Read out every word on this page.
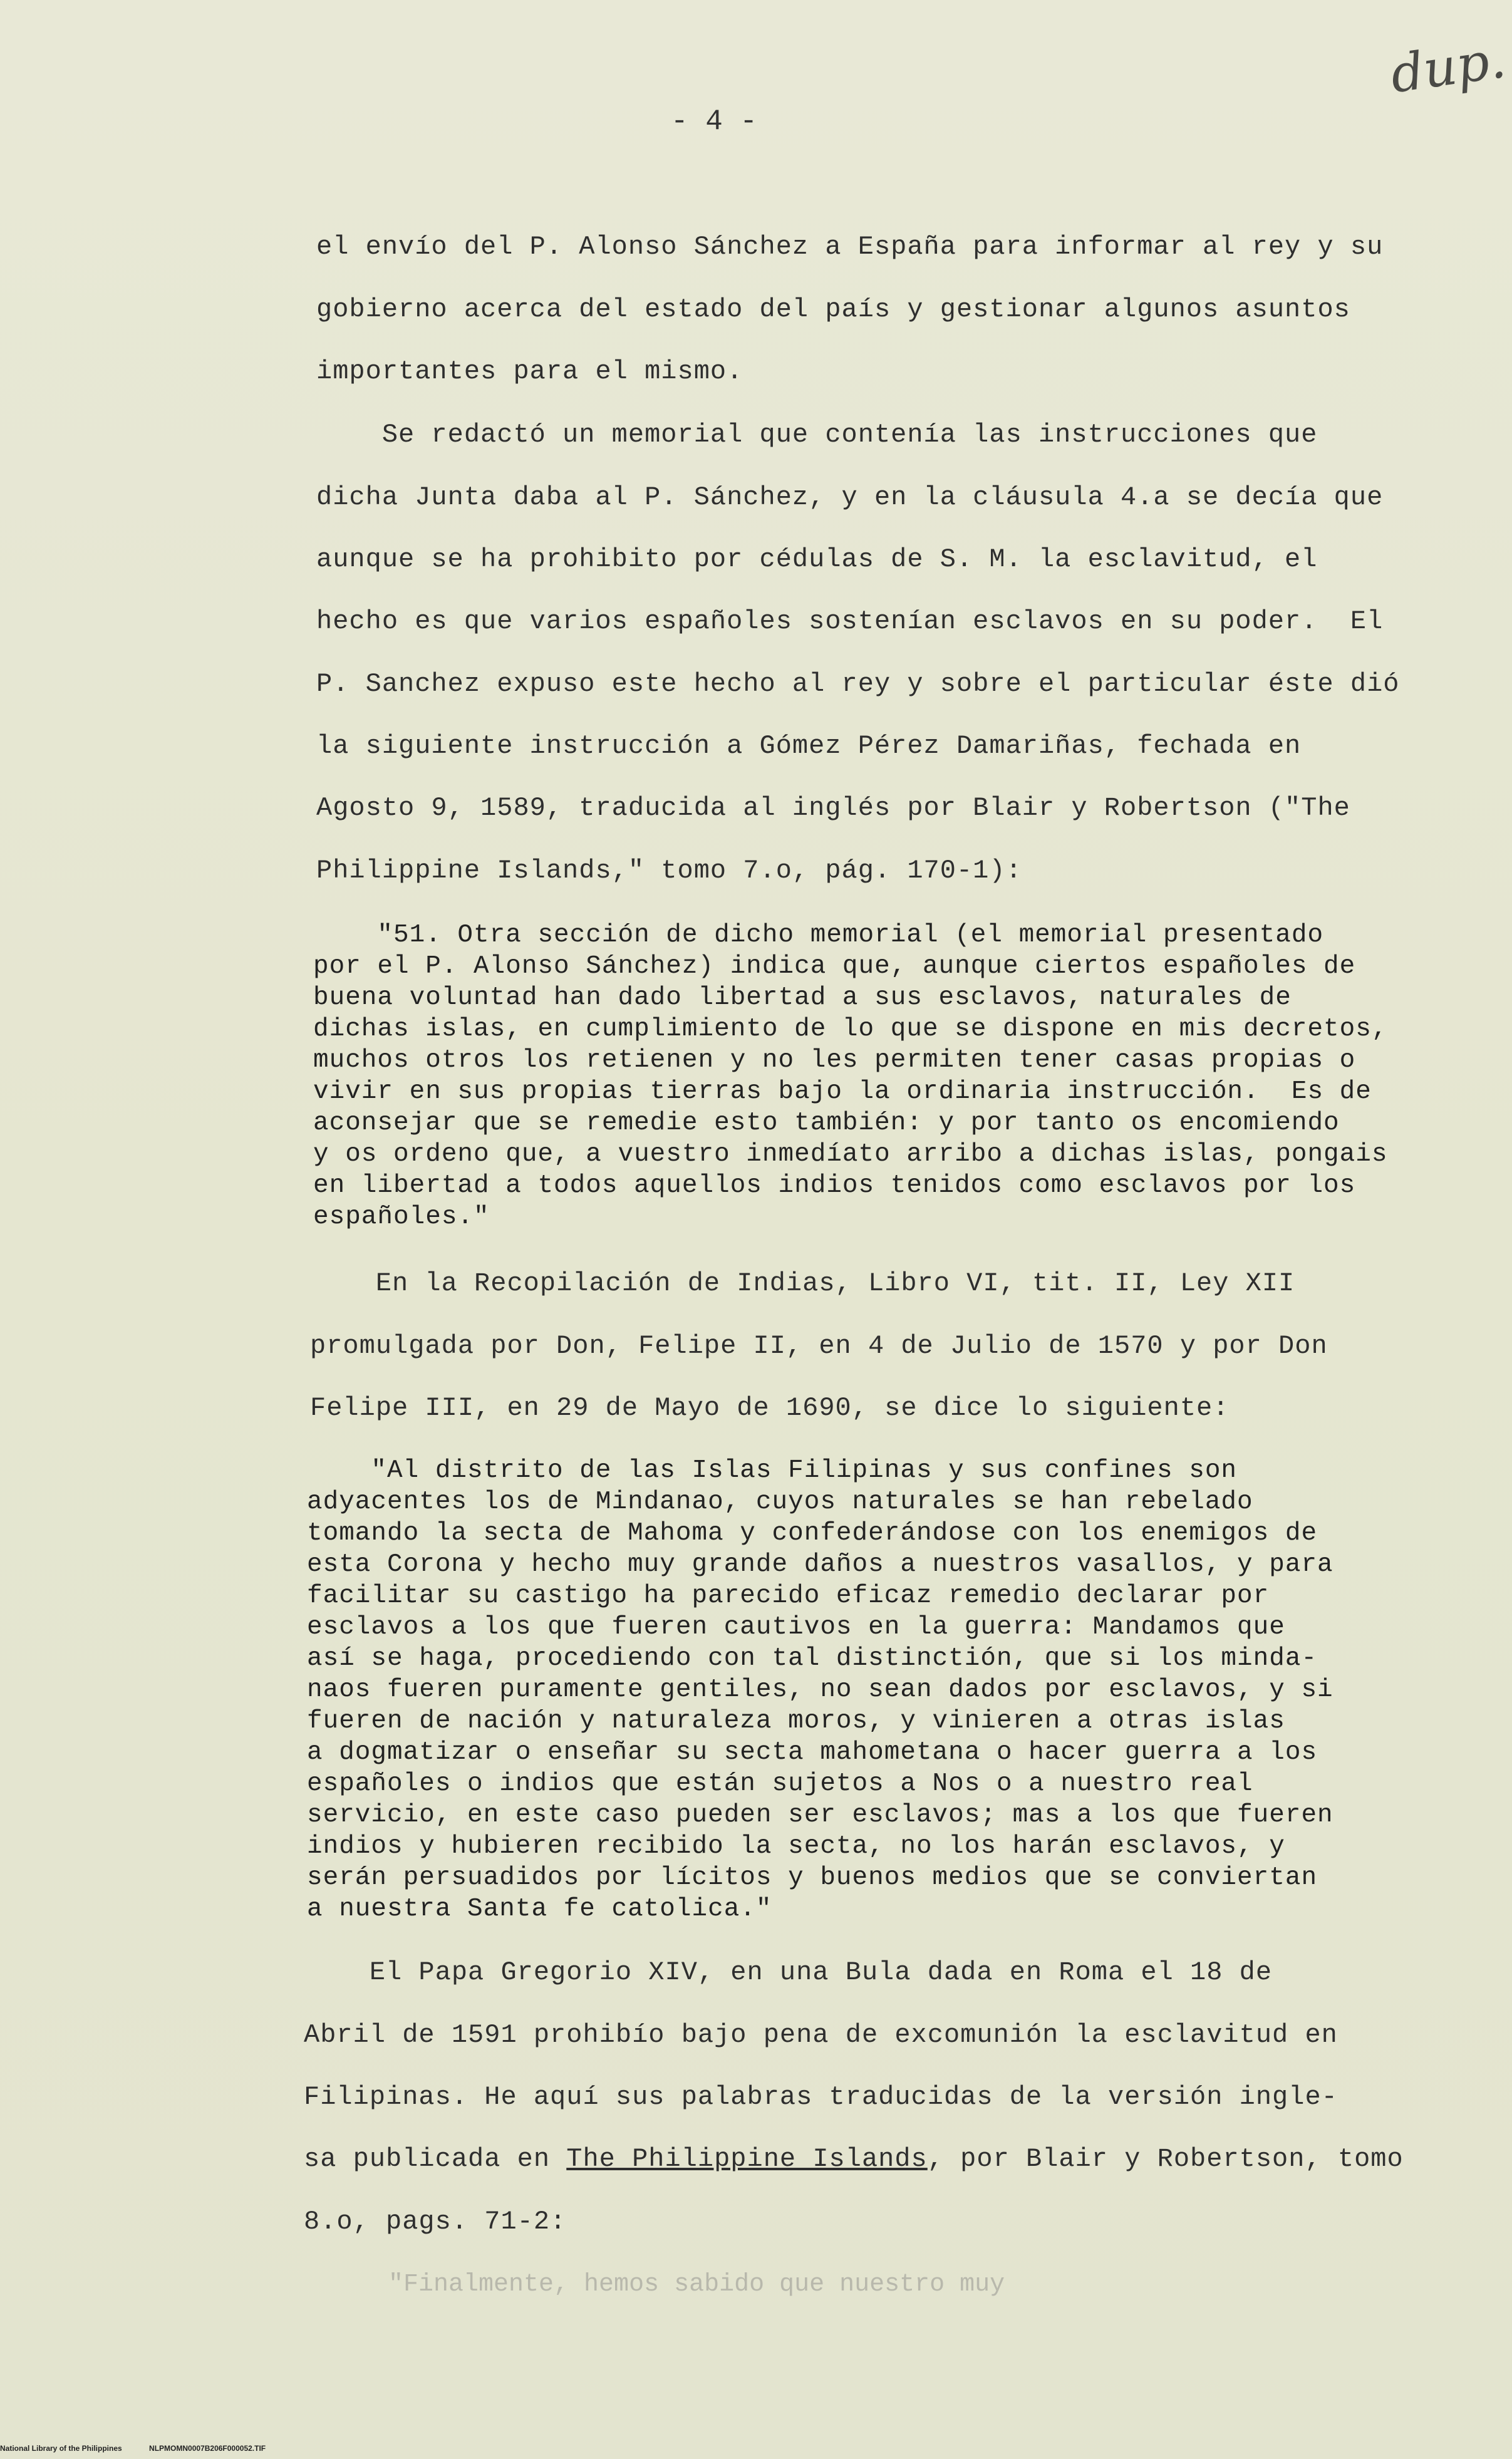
dup.
- 4 -
el envío del P. Alonso Sánchez a España para informar al rey y su
gobierno acerca del estado del país y gestionar algunos asuntos
importantes para el mismo.
Se redactó un memorial que contenía las instrucciones que
dicha Junta daba al P. Sánchez, y en la cláusula 4.a se decía que
aunque se ha prohibito por cédulas de S. M. la esclavitud, el
hecho es que varios españoles sostenían esclavos en su poder.  El
P. Sanchez expuso este hecho al rey y sobre el particular éste dió
la siguiente instrucción a Gómez Pérez Damariñas, fechada en
Agosto 9, 1589, traducida al inglés por Blair y Robertson ("The
Philippine Islands," tomo 7.o, pág. 170-1):
"51. Otra sección de dicho memorial (el memorial presentado
por el P. Alonso Sánchez) indica que, aunque ciertos españoles de
buena voluntad han dado libertad a sus esclavos, naturales de
dichas islas, en cumplimiento de lo que se dispone en mis decretos,
muchos otros los retienen y no les permiten tener casas propias o
vivir en sus propias tierras bajo la ordinaria instrucción.  Es de
aconsejar que se remedie esto también: y por tanto os encomiendo
y os ordeno que, a vuestro inmedíato arribo a dichas islas, pongais
en libertad a todos aquellos indios tenidos como esclavos por los
españoles."
En la Recopilación de Indias, Libro VI, tit. II, Ley XII
promulgada por Don, Felipe II, en 4 de Julio de 1570 y por Don
Felipe III, en 29 de Mayo de 1690, se dice lo siguiente:
"Al distrito de las Islas Filipinas y sus confines son
adyacentes los de Mindanao, cuyos naturales se han rebelado
tomando la secta de Mahoma y confederándose con los enemigos de
esta Corona y hecho muy grande daños a nuestros vasallos, y para
facilitar su castigo ha parecido eficaz remedio declarar por
esclavos a los que fueren cautivos en la guerra: Mandamos que
así se haga, procediendo con tal distinctión, que si los minda-
naos fueren puramente gentiles, no sean dados por esclavos, y si
fueren de nación y naturaleza moros, y vinieren a otras islas
a dogmatizar o enseñar su secta mahometana o hacer guerra a los
españoles o indios que están sujetos a Nos o a nuestro real
servicio, en este caso pueden ser esclavos; mas a los que fueren
indios y hubieren recibido la secta, no los harán esclavos, y
serán persuadidos por lícitos y buenos medios que se conviertan
a nuestra Santa fe catolica."
El Papa Gregorio XIV, en una Bula dada en Roma el 18 de
Abril de 1591 prohibío bajo pena de excomunión la esclavitud en
Filipinas. He aquí sus palabras traducidas de la versión ingle-
sa publicada en The Philippine Islands, por Blair y Robertson, tomo
8.o, pags. 71-2:
"Finalmente, hemos sabido que nuestro muy
National Library of the Philippines	NLPMOMN0007B206F000052.TIF
